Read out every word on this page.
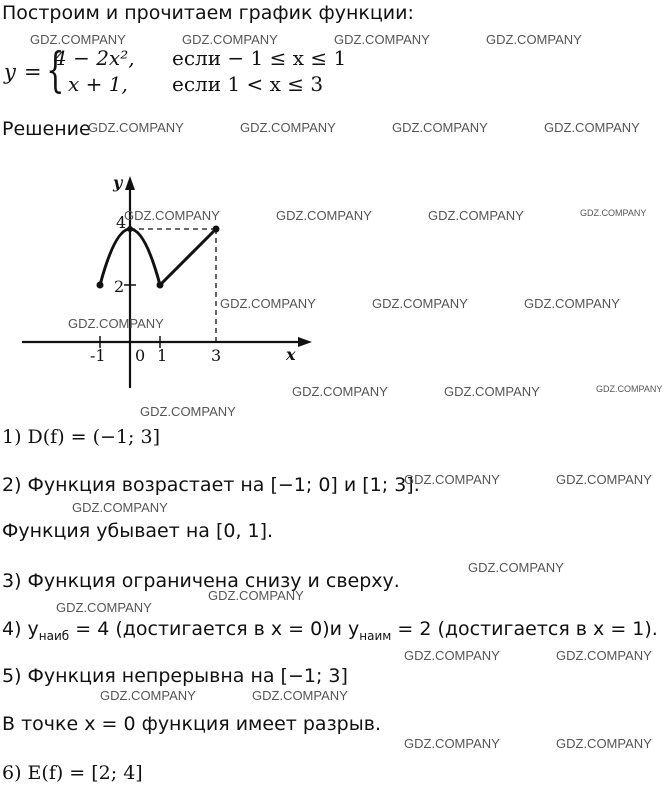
Построим и прочитаем график функции:
y = {
4 − 2x², если − 1 ≤ x ≤ 1
x + 1, если 1 < x ≤ 3
Решение
y
x
4
2
-1 0 1	3
1) D(f) = (−1; 3]
2) Функция возрастает на [−1; 0] и [1; 3].
Функция убывает на [0, 1].
3) Функция ограничена снизу и сверху.
4) $y_{наиб} = 4$ (достигается в x = 0)и $y_{наим} = 2$ (достигается в x = 1).
5) Функция непрерывна на [−1; 3]
В точке x = 0 функция имеет разрыв.
6) E(f) = [2; 4]
GDZ.COMPANY	GDZ.COMPANY	GDZ.COMPANY	GDZ.COMPANY
GDZ.COMPANY	GDZ.COMPANY	GDZ.COMPANY	GDZ.COMPANY
GDZ.COMPANY	GDZ.COMPANY	GDZ.COMPANY	GDZ.COMPANY
GDZ.COMPANY	GDZ.COMPANY	GDZ.COMPANY
GDZ.COMPANY
GDZ.COMPANY	GDZ.COMPANY	GDZ.COMPANY
GDZ.COMPANY
GDZ.COMPANY	GDZ.COMPANY
GDZ.COMPANY
GDZ.COMPANY
GDZ.COMPANY
GDZ.COMPANY
GDZ.COMPANY	GDZ.COMPANY
GDZ.COMPANY	GDZ.COMPANY
GDZ.COMPANY	GDZ.COMPANY
